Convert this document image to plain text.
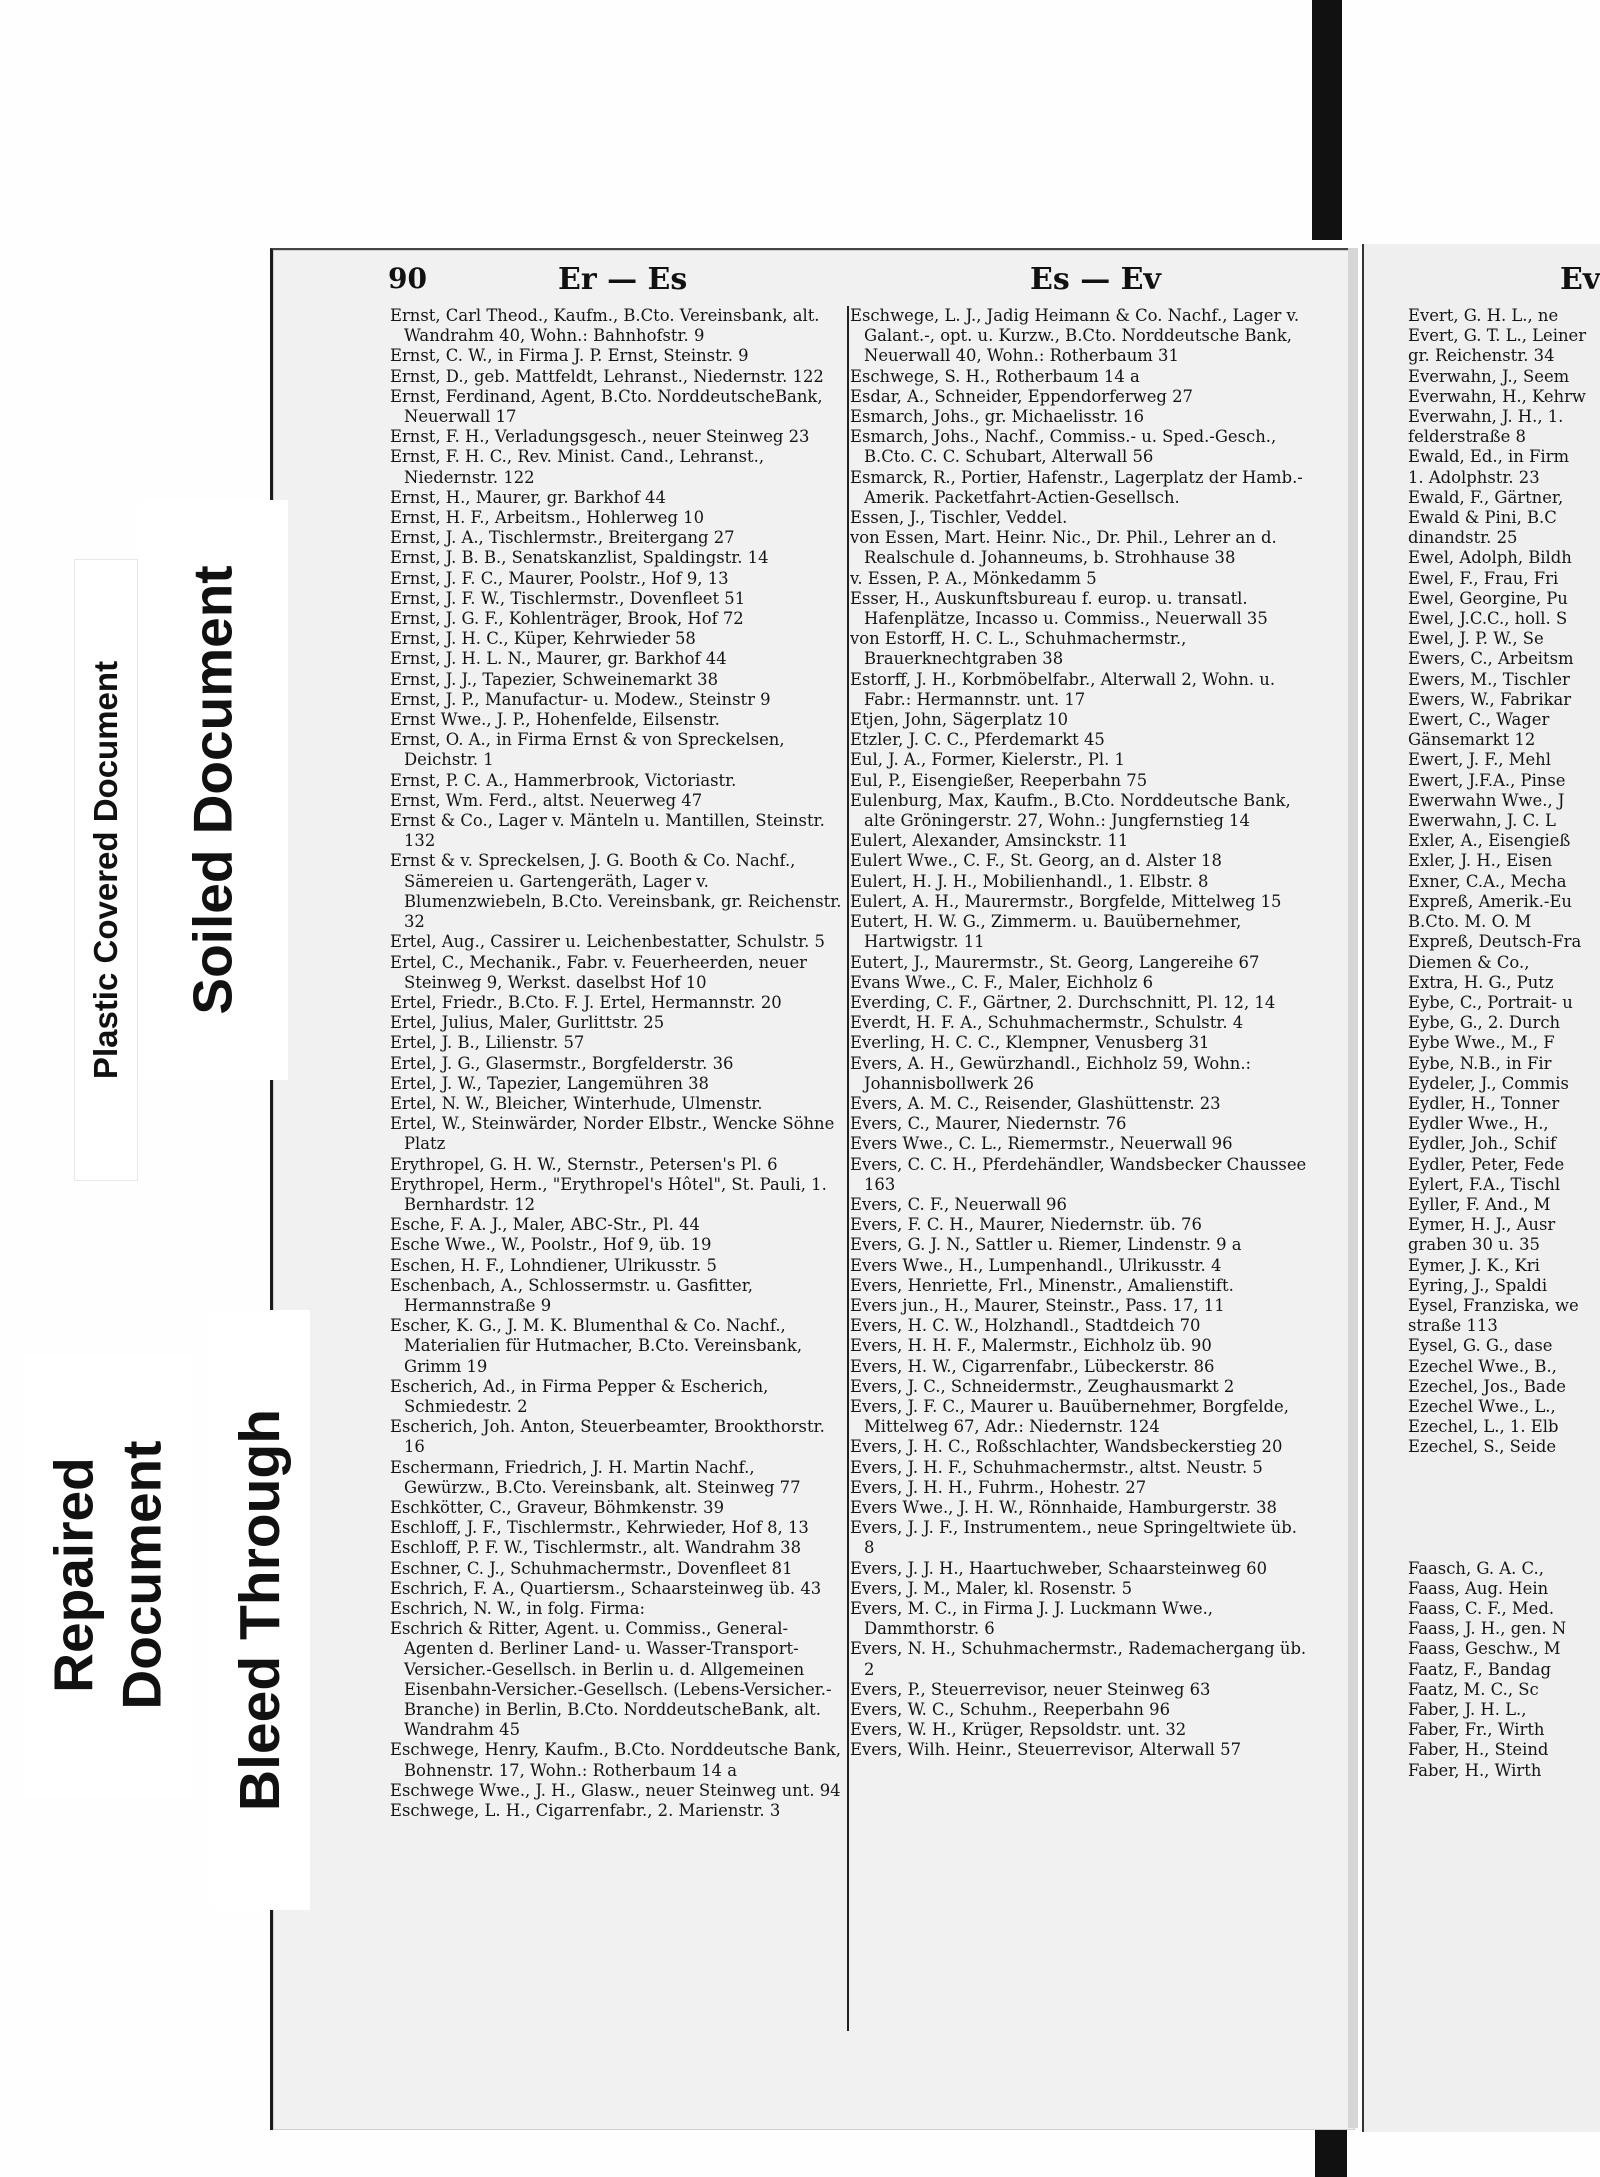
90	Er — Es	Es — Ev	Ev
Ernst, Carl Theod., Kaufm., B.Cto. Vereinsbank, alt. Wandrahm 40, Wohn.: Bahnhofstr. 9
Ernst, C. W., in Firma J. P. Ernst, Steinstr. 9
Ernst, D., geb. Mattfeldt, Lehranst., Niedernstr. 122
Ernst, Ferdinand, Agent, B.Cto. NorddeutscheBank, Neuerwall 17
Ernst, F. H., Verladungsgesch., neuer Steinweg 23
Ernst, F. H. C., Rev. Minist. Cand., Lehranst., Niedernstr. 122
Ernst, H., Maurer, gr. Barkhof 44
Ernst, H. F., Arbeitsm., Hohlerweg 10
Ernst, J. A., Tischlermstr., Breitergang 27
Ernst, J. B. B., Senatskanzlist, Spaldingstr. 14
Ernst, J. F. C., Maurer, Poolstr., Hof 9, 13
Ernst, J. F. W., Tischlermstr., Dovenfleet 51
Ernst, J. G. F., Kohlenträger, Brook, Hof 72
Ernst, J. H. C., Küper, Kehrwieder 58
Ernst, J. H. L. N., Maurer, gr. Barkhof 44
Ernst, J. J., Tapezier, Schweinemarkt 38
Ernst, J. P., Manufactur- u. Modew., Steinstr 9
Ernst Wwe., J. P., Hohenfelde, Eilsenstr.
Ernst, O. A., in Firma Ernst & von Spreckelsen, Deichstr. 1
Ernst, P. C. A., Hammerbrook, Victoriastr.
Ernst, Wm. Ferd., altst. Neuerweg 47
Ernst & Co., Lager v. Mänteln u. Mantillen, Steinstr. 132
Ernst & v. Spreckelsen, J. G. Booth & Co. Nachf., Sämereien u. Gartengeräth, Lager v. Blumenzwiebeln, B.Cto. Vereinsbank, gr. Reichenstr. 32
Ertel, Aug., Cassirer u. Leichenbestatter, Schulstr. 5
Ertel, C., Mechanik., Fabr. v. Feuerheerden, neuer Steinweg 9, Werkst. daselbst Hof 10
Ertel, Friedr., B.Cto. F. J. Ertel, Hermannstr. 20
Ertel, Julius, Maler, Gurlittstr. 25
Ertel, J. B., Lilienstr. 57
Ertel, J. G., Glasermstr., Borgfelderstr. 36
Ertel, J. W., Tapezier, Langemühren 38
Ertel, N. W., Bleicher, Winterhude, Ulmenstr.
Ertel, W., Steinwärder, Norder Elbstr., Wencke Söhne Platz
Erythropel, G. H. W., Sternstr., Petersen's Pl. 6
Erythropel, Herm., "Erythropel's Hôtel", St. Pauli, 1. Bernhardstr. 12
Esche, F. A. J., Maler, ABC-Str., Pl. 44
Esche Wwe., W., Poolstr., Hof 9, üb. 19
Eschen, H. F., Lohndiener, Ulrikusstr. 5
Eschenbach, A., Schlossermstr. u. Gasfitter, Hermannstraße 9
Escher, K. G., J. M. K. Blumenthal & Co. Nachf., Materialien für Hutmacher, B.Cto. Vereinsbank, Grimm 19
Escherich, Ad., in Firma Pepper & Escherich, Schmiedestr. 2
Escherich, Joh. Anton, Steuerbeamter, Brookthorstr. 16
Eschermann, Friedrich, J. H. Martin Nachf., Gewürzw., B.Cto. Vereinsbank, alt. Steinweg 77
Eschkötter, C., Graveur, Böhmkenstr. 39
Eschloff, J. F., Tischlermstr., Kehrwieder, Hof 8, 13
Eschloff, P. F. W., Tischlermstr., alt. Wandrahm 38
Eschner, C. J., Schuhmachermstr., Dovenfleet 81
Eschrich, F. A., Quartiersm., Schaarsteinweg üb. 43
Eschrich, N. W., in folg. Firma:
Eschrich & Ritter, Agent. u. Commiss., General-Agenten d. Berliner Land- u. Wasser-Transport-Versicher.-Gesellsch. in Berlin u. d. Allgemeinen Eisenbahn-Versicher.-Gesellsch. (Lebens-Versicher.-Branche) in Berlin, B.Cto. NorddeutscheBank, alt. Wandrahm 45
Eschwege, Henry, Kaufm., B.Cto. Norddeutsche Bank, Bohnenstr. 17, Wohn.: Rotherbaum 14 a
Eschwege Wwe., J. H., Glasw., neuer Steinweg unt. 94
Eschwege, L. H., Cigarrenfabr., 2. Marienstr. 3
Eschwege, L. J., Jadig Heimann & Co. Nachf., Lager v. Galant.-, opt. u. Kurzw., B.Cto. Norddeutsche Bank, Neuerwall 40, Wohn.: Rotherbaum 31
Eschwege, S. H., Rotherbaum 14 a
Esdar, A., Schneider, Eppendorferweg 27
Esmarch, Johs., gr. Michaelisstr. 16
Esmarch, Johs., Nachf., Commiss.- u. Sped.-Gesch., B.Cto. C. C. Schubart, Alterwall 56
Esmarck, R., Portier, Hafenstr., Lagerplatz der Hamb.-Amerik. Packetfahrt-Actien-Gesellsch.
Essen, J., Tischler, Veddel.
von Essen, Mart. Heinr. Nic., Dr. Phil., Lehrer an d. Realschule d. Johanneums, b. Strohhause 38
v. Essen, P. A., Mönkedamm 5
Esser, H., Auskunftsbureau f. europ. u. transatl. Hafenplätze, Incasso u. Commiss., Neuerwall 35
von Estorff, H. C. L., Schuhmachermstr., Brauerknechtgraben 38
Estorff, J. H., Korbmöbelfabr., Alterwall 2, Wohn. u. Fabr.: Hermannstr. unt. 17
Etjen, John, Sägerplatz 10
Etzler, J. C. C., Pferdemarkt 45
Eul, J. A., Former, Kielerstr., Pl. 1
Eul, P., Eisengießer, Reeperbahn 75
Eulenburg, Max, Kaufm., B.Cto. Norddeutsche Bank, alte Gröningerstr. 27, Wohn.: Jungfernstieg 14
Eulert, Alexander, Amsinckstr. 11
Eulert Wwe., C. F., St. Georg, an d. Alster 18
Eulert, H. J. H., Mobilienhandl., 1. Elbstr. 8
Eulert, A. H., Maurermstr., Borgfelde, Mittelweg 15
Eutert, H. W. G., Zimmerm. u. Bauübernehmer, Hartwigstr. 11
Eutert, J., Maurermstr., St. Georg, Langereihe 67
Evans Wwe., C. F., Maler, Eichholz 6
Everding, C. F., Gärtner, 2. Durchschnitt, Pl. 12, 14
Everdt, H. F. A., Schuhmachermstr., Schulstr. 4
Everling, H. C. C., Klempner, Venusberg 31
Evers, A. H., Gewürzhandl., Eichholz 59, Wohn.: Johannisbollwerk 26
Evers, A. M. C., Reisender, Glashüttenstr. 23
Evers, C., Maurer, Niedernstr. 76
Evers Wwe., C. L., Riemermstr., Neuerwall 96
Evers, C. C. H., Pferdehändler, Wandsbecker Chaussee 163
Evers, C. F., Neuerwall 96
Evers, F. C. H., Maurer, Niedernstr. üb. 76
Evers, G. J. N., Sattler u. Riemer, Lindenstr. 9 a
Evers Wwe., H., Lumpenhandl., Ulrikusstr. 4
Evers, Henriette, Frl., Minenstr., Amalienstift.
Evers jun., H., Maurer, Steinstr., Pass. 17, 11
Evers, H. C. W., Holzhandl., Stadtdeich 70
Evers, H. H. F., Malermstr., Eichholz üb. 90
Evers, H. W., Cigarrenfabr., Lübeckerstr. 86
Evers, J. C., Schneidermstr., Zeughausmarkt 2
Evers, J. F. C., Maurer u. Bauübernehmer, Borgfelde, Mittelweg 67, Adr.: Niedernstr. 124
Evers, J. H. C., Roßschlachter, Wandsbeckerstieg 20
Evers, J. H. F., Schuhmachermstr., altst. Neustr. 5
Evers, J. H. H., Fuhrm., Hohestr. 27
Evers Wwe., J. H. W., Rönnhaide, Hamburgerstr. 38
Evers, J. J. F., Instrumentem., neue Springeltwiete üb. 8
Evers, J. J. H., Haartuchweber, Schaarsteinweg 60
Evers, J. M., Maler, kl. Rosenstr. 5
Evers, M. C., in Firma J. J. Luckmann Wwe., Dammthorstr. 6
Evers, N. H., Schuhmachermstr., Rademachergang üb. 2
Evers, P., Steuerrevisor, neuer Steinweg 63
Evers, W. C., Schuhm., Reeperbahn 96
Evers, W. H., Krüger, Repsoldstr. unt. 32
Evers, Wilh. Heinr., Steuerrevisor, Alterwall 57
Evert, G. H. L., ne
Evert, G. T. L., Leiner
gr. Reichenstr. 34
Everwahn, J., Seem
Everwahn, H., Kehrw
Everwahn, J. H., 1.
felderstraße 8
Ewald, Ed., in Firm
1. Adolphstr. 23
Ewald, F., Gärtner,
Ewald & Pini, B.C
dinandstr. 25
Ewel, Adolph, Bildh
Ewel, F., Frau, Fri
Ewel, Georgine, Pu
Ewel, J.C.C., holl. S
Ewel, J. P. W., Se
Ewers, C., Arbeitsm
Ewers, M., Tischler
Ewers, W., Fabrikar
Ewert, C., Wager
Gänsemarkt 12
Ewert, J. F., Mehl
Ewert, J.F.A., Pinse
Ewerwahn Wwe., J
Ewerwahn, J. C. L
Exler, A., Eisengieß
Exler, J. H., Eisen
Exner, C.A., Mecha
Expreß, Amerik.-Eu
B.Cto. M. O. M
Expreß, Deutsch-Fra
Diemen & Co.,
Extra, H. G., Putz
Eybe, C., Portrait- u
Eybe, G., 2. Durch
Eybe Wwe., M., F
Eybe, N.B., in Fir
Eydeler, J., Commis
Eydler, H., Tonner
Eydler Wwe., H.,
Eydler, Joh., Schif
Eydler, Peter, Fede
Eylert, F.A., Tischl
Eyller, F. And., M
Eymer, H. J., Ausr
graben 30 u. 35
Eymer, J. K., Kri
Eyring, J., Spaldi
Eysel, Franziska, we
straße 113
Eysel, G. G., dase
Ezechel Wwe., B.,
Ezechel, Jos., Bade
Ezechel Wwe., L.,
Ezechel, L., 1. Elb
Ezechel, S., Seide

Faasch, G. A. C.,
Faass, Aug. Hein
Faass, C. F., Med.
Faass, J. H., gen. N
Faass, Geschw., M
Faatz, F., Bandag
Faatz, M. C., Sc
Faber, J. H. L.,
Faber, Fr., Wirth
Faber, H., Steind
Faber, H., Wirth
Plastic Covered Document Soiled Document
Repaired Document Bleed Through
